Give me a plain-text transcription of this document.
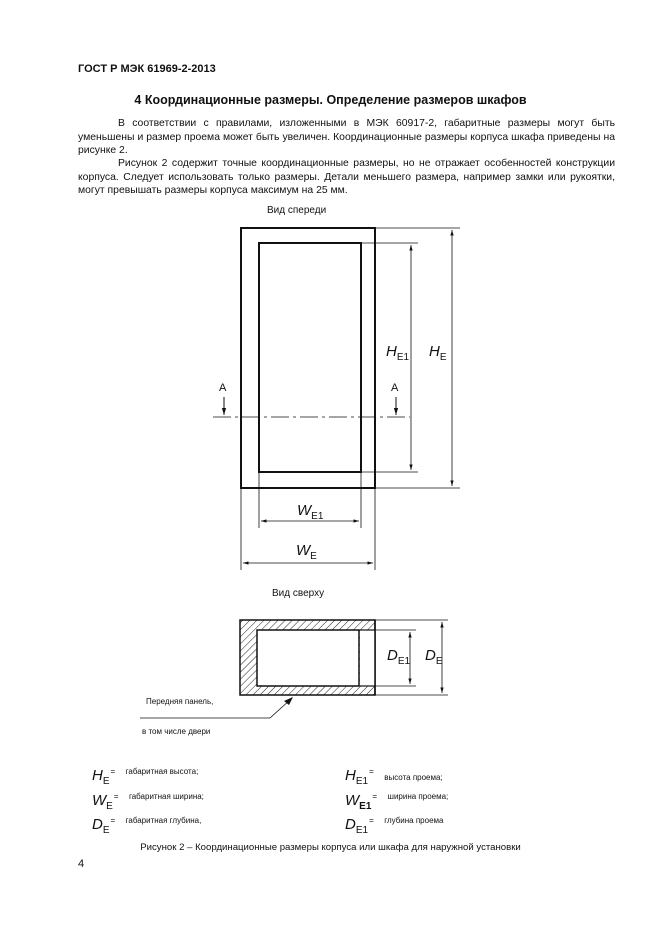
ГОСТ Р МЭК 61969-2-2013
4 Координационные размеры. Определение размеров шкафов

В соответствии с правилами, изложенными в МЭК 60917-2, габаритные размеры могут быть уменьшены и размер проема может быть увеличен. Координационные размеры корпуса шкафа приведены на рисунке 2.

Рисунок 2 содержит точные координационные размеры, но не отражает особенностей конструкции корпуса. Следует использовать только размеры. Детали меньшего размера, например замки или рукоятки, могут превышать размеры корпуса максимум на 25 мм.

Вид спереди
Вид сверху
А	А
$H_{E1}$ $H_E$
$W_{E1}$
$W_E$
$D_{E1}$ $D_E$
Передняя панель,
в том числе двери
$H_E^=$ $^{габаритная высота;}$	$H_{E1}^=$ высота проема;
$W_E^=$ $^{габаритная ширина;}$	$W_{E1}^=$ $^{ширина проема;}$
$D_E^=$ $^{габаритная глубина,}$	$D_{E1}^=$ $^{глубина проема}$
Рисунок 2 – Координационные размеры корпуса или шкафа для наружной установки
4
